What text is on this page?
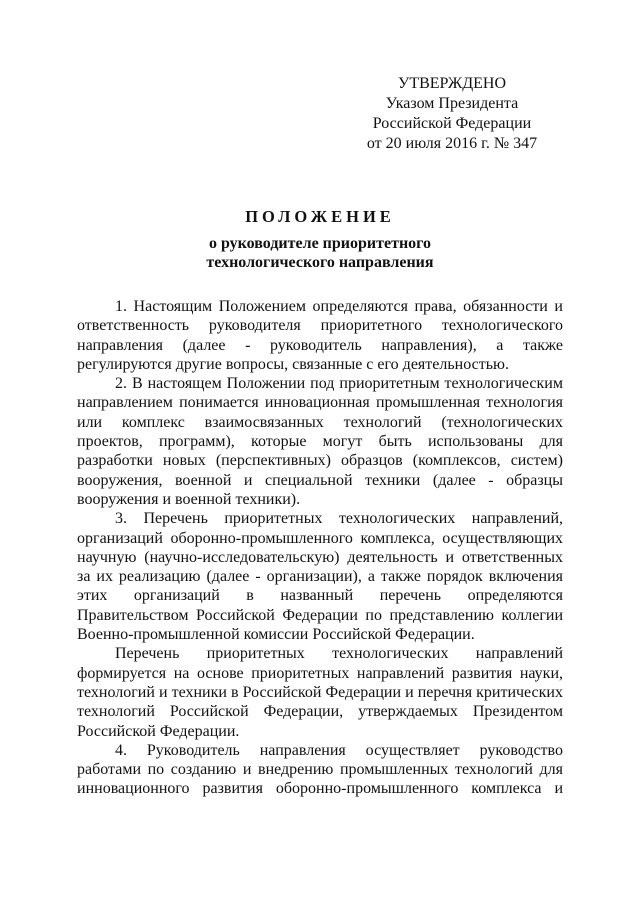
УТВЕРЖДЕНО
Указом Президента
Российской Федерации
от 20 июля 2016 г. № 347
ПОЛОЖЕНИЕ
о руководителе приоритетного
технологического направления

1. Настоящим Положением определяются права, обязанности и ответственность руководителя приоритетного технологического направления (далее - руководитель направления), а также регулируются другие вопросы, связанные с его деятельностью.

2. В настоящем Положении под приоритетным технологическим направлением понимается инновационная промышленная технология или комплекс взаимосвязанных технологий (технологических проектов, программ), которые могут быть использованы для разработки новых (перспективных) образцов (комплексов, систем) вооружения, военной и специальной техники (далее - образцы вооружения и военной техники).

3. Перечень приоритетных технологических направлений, организаций оборонно-промышленного комплекса, осуществляющих научную (научно-исследовательскую) деятельность и ответственных за их реализацию (далее - организации), а также порядок включения этих организаций в названный перечень определяются Правительством Российской Федерации по представлению коллегии Военно-промышленной комиссии Российской Федерации.

Перечень приоритетных технологических направлений формируется на основе приоритетных направлений развития науки, технологий и техники в Российской Федерации и перечня критических технологий Российской Федерации, утверждаемых Президентом Российской Федерации.

4. Руководитель направления осуществляет руководство работами по созданию и внедрению промышленных технологий для инновационного развития оборонно-промышленного комплекса и
